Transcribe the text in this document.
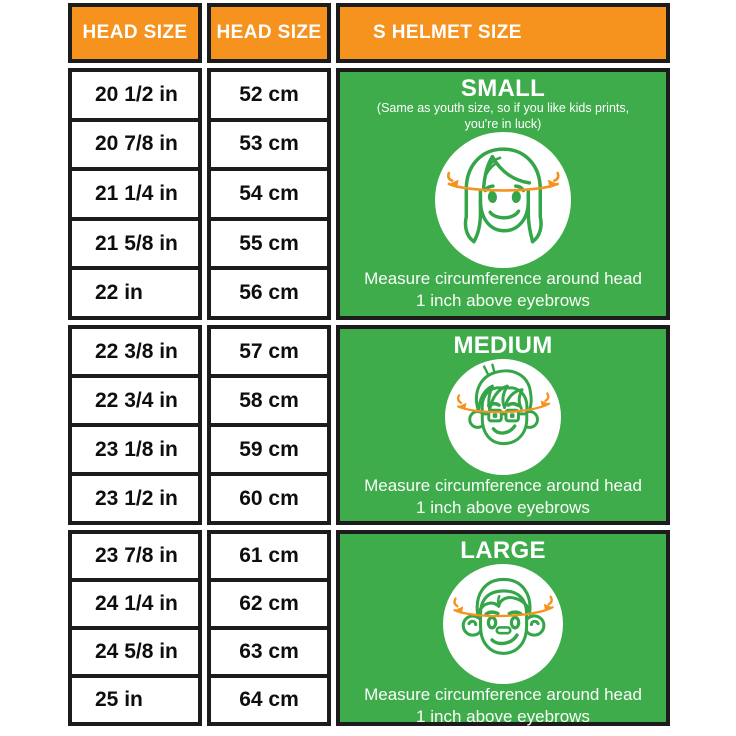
HEAD SIZE HEAD SIZE	S HELMET SIZE
20 1/2 in
20 7/8 in
21 1/4 in
21 5/8 in
22 in
52 cm
53 cm
54 cm
55 cm
56 cm
SMALL
(Same as youth size, so if you like kids prints,
you're in luck)
Measure circumference around head
1 inch above eyebrows
22 3/8 in
22 3/4 in
23 1/8 in
23 1/2 in
57 cm
58 cm
59 cm
60 cm
MEDIUM
Measure circumference around head
1 inch above eyebrows
23 7/8 in
24 1/4 in
24 5/8 in
25 in
61 cm
62 cm
63 cm
64 cm
LARGE
Measure circumference around head
1 inch above eyebrows
